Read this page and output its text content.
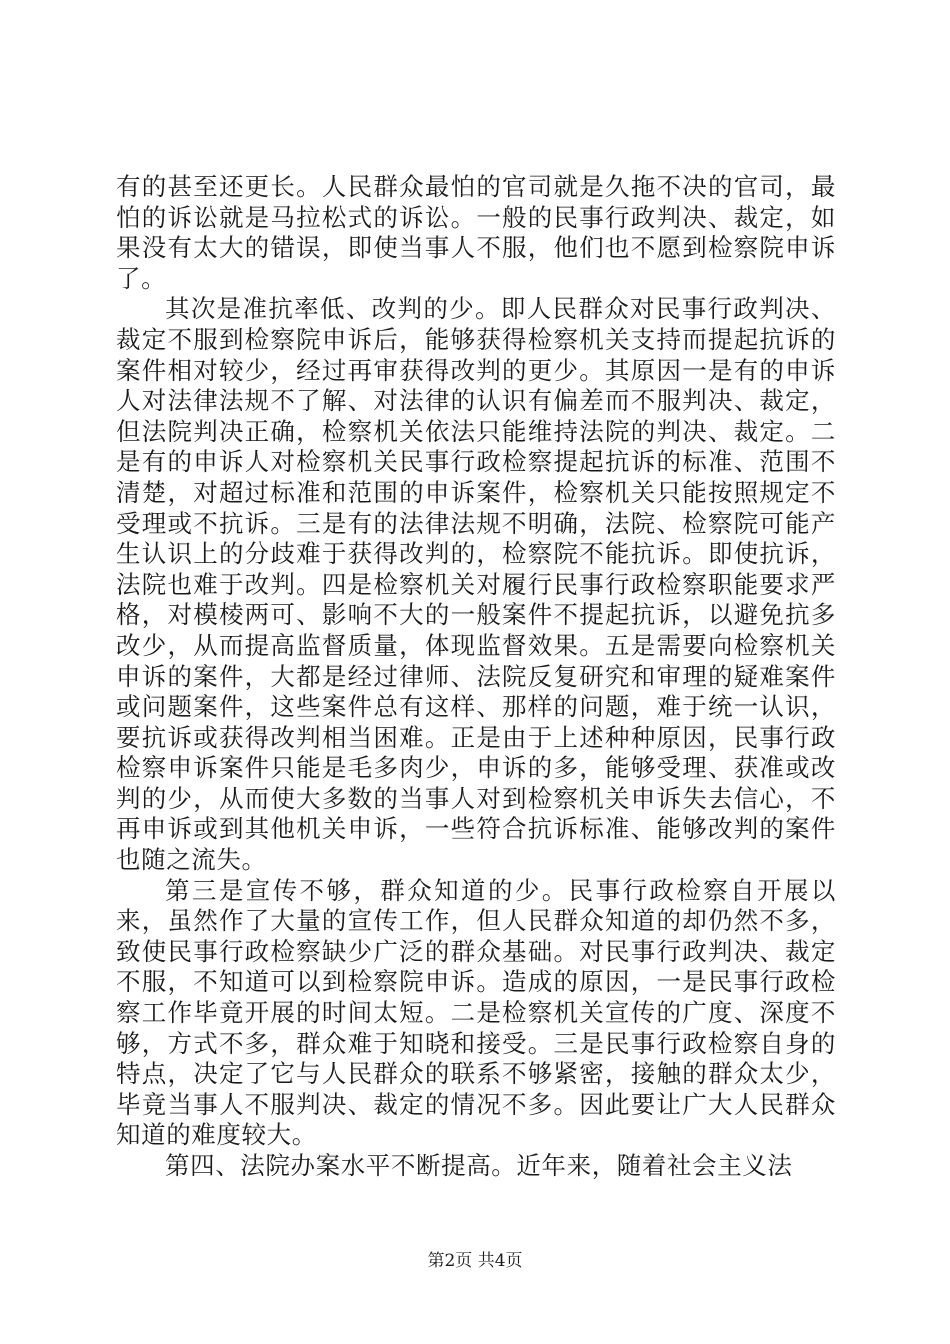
有的甚至还更长。人民群众最怕的官司就是久拖不决的官司，最怕的诉讼就是马拉松式的诉讼。一般的民事行政判决、裁定，如果没有太大的错误，即使当事人不服，他们也不愿到检察院申诉了。

其次是准抗率低、改判的少。即人民群众对民事行政判决、裁定不服到检察院申诉后，能够获得检察机关支持而提起抗诉的案件相对较少，经过再审获得改判的更少。其原因一是有的申诉人对法律法规不了解、对法律的认识有偏差而不服判决、裁定，但法院判决正确，检察机关依法只能维持法院的判决、裁定。二是有的申诉人对检察机关民事行政检察提起抗诉的标准、范围不清楚，对超过标准和范围的申诉案件，检察机关只能按照规定不受理或不抗诉。三是有的法律法规不明确，法院、检察院可能产生认识上的分歧难于获得改判的，检察院不能抗诉。即使抗诉，法院也难于改判。四是检察机关对履行民事行政检察职能要求严格，对模棱两可、影响不大的一般案件不提起抗诉，以避免抗多改少，从而提高监督质量，体现监督效果。五是需要向检察机关申诉的案件，大都是经过律师、法院反复研究和审理的疑难案件或问题案件，这些案件总有这样、那样的问题，难于统一认识，要抗诉或获得改判相当困难。正是由于上述种种原因，民事行政检察申诉案件只能是毛多肉少，申诉的多，能够受理、获准或改判的少，从而使大多数的当事人对到检察机关申诉失去信心，不再申诉或到其他机关申诉，一些符合抗诉标准、能够改判的案件也随之流失。

第三是宣传不够，群众知道的少。民事行政检察自开展以来，虽然作了大量的宣传工作，但人民群众知道的却仍然不多，致使民事行政检察缺少广泛的群众基础。对民事行政判决、裁定不服，不知道可以到检察院申诉。造成的原因，一是民事行政检察工作毕竟开展的时间太短。二是检察机关宣传的广度、深度不够，方式不多，群众难于知晓和接受。三是民事行政检察自身的特点，决定了它与人民群众的联系不够紧密，接触的群众太少，毕竟当事人不服判决、裁定的情况不多。因此要让广大人民群众知道的难度较大。

第四、法院办案水平不断提高。近年来，随着社会主义法

第2页 共4页
